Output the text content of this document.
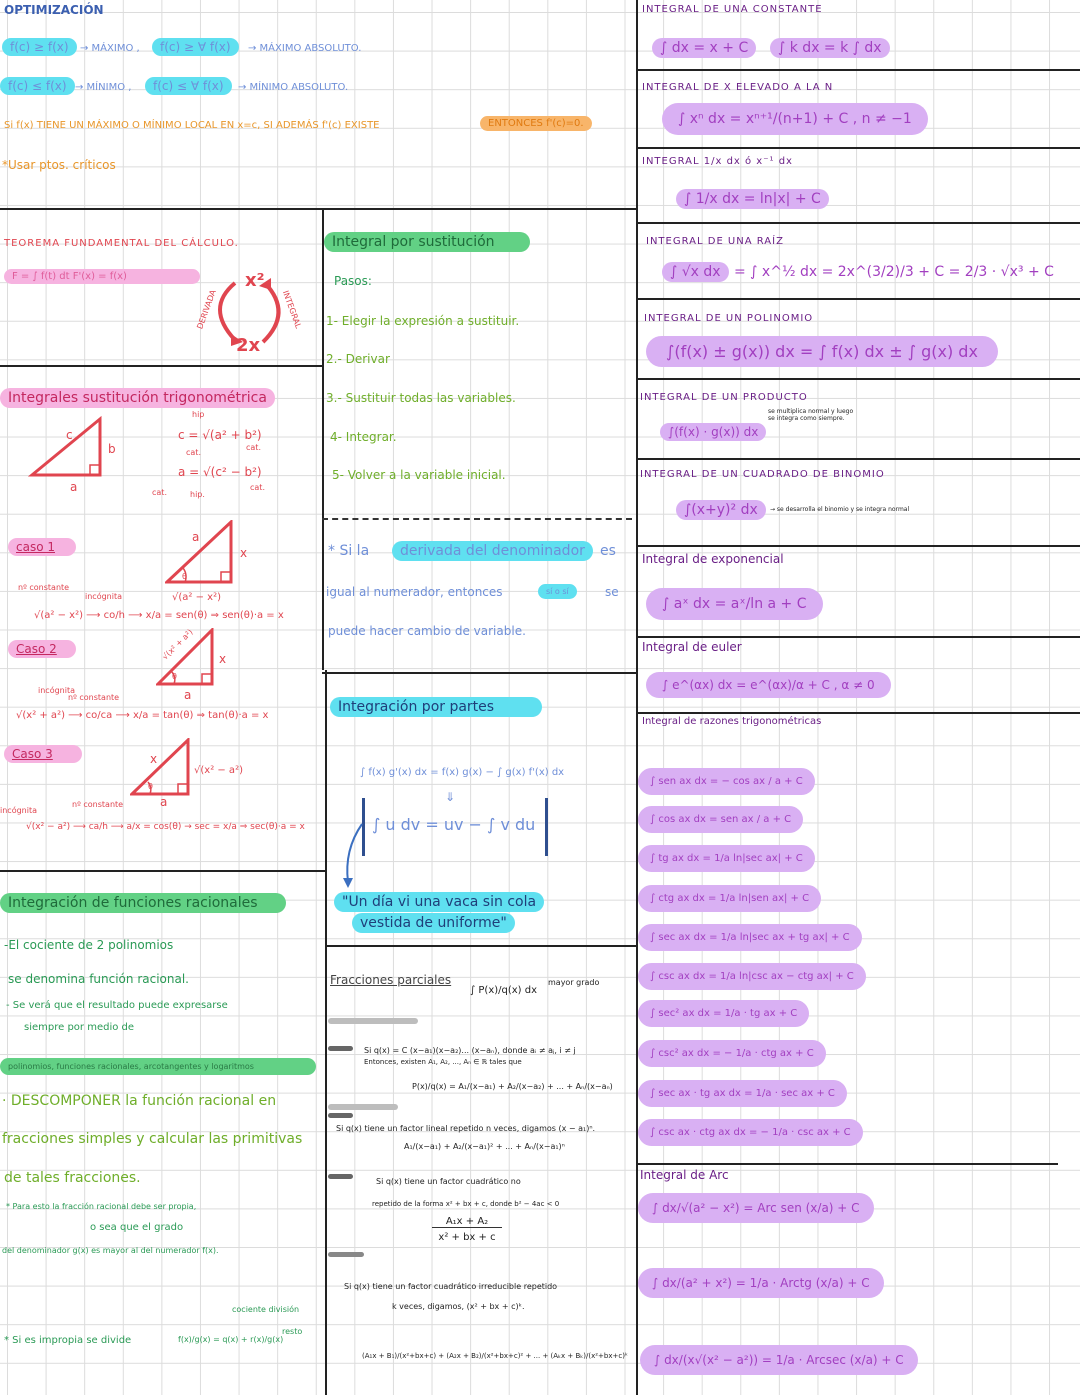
OPTIMIZACIÓN
f(c) ≥ f(x)	→ MÁXIMO ,	f(c) ≥ ∀ f(x)	→ MÁXIMO ABSOLUTO.
f(c) ≤ f(x) → MÍNIMO ,	f(c) ≤ ∀ f(x)	→ MÍNIMO ABSOLUTO.
Si f(x) TIENE UN MÁXIMO O MÍNIMO LOCAL EN x=c, SI ADEMÁS f'(c) EXISTE	ENTONCES f'(c)=0.
*Usar ptos. críticos
TEOREMA FUNDAMENTAL DEL CÁLCULO.
F = ∫ f(t) dt F'(x) = f(x)	x²
2x
DERIVADA	INTEGRAL
Integrales sustitución trigonométrica
c
b
a
c = √(a² + b²)
hip
cat.
cat.
a = √(c² − b²)
cat.	hip.
cat.
caso 1
a
x
θ
√(a² − x²)
nº constante
incógnita
√(a² − x²) ⟶ co/h ⟶ x/a = sen(θ) ⇒ sen(θ)·a = x
Caso 2	√(x² + a²) x
θ
a
incógnita
nº constante
√(x² + a²) ⟶ co/ca ⟶ x/a = tan(θ) ⇒ tan(θ)·a = x
Caso 3	x
√(x² − a²)
θ
a
incógnita
nº constante
√(x² − a²) ⟶ ca/h ⟶ a/x = cos(θ) → sec = x/a ⇒ sec(θ)·a = x
Integral por sustitución
Pasos:
1- Elegir la expresión a sustituir.
2.- Derivar
3.- Sustituir todas las variables.
4- Integrar.
5- Volver a la variable inicial.
* Si la	derivada del denominador	es
igual al numerador, entonces	sí o sí	se
puede hacer cambio de variable.
Integración por partes
∫ f(x) g'(x) dx = f(x) g(x) − ∫ g(x) f'(x) dx
⇓
∫ u dv = uv − ∫ v du
"Un día vi una vaca sin cola
vestida de uniforme"
Integración de funciones racionales
-El cociente de 2 polinomios
se denomina función racional.
- Se verá que el resultado puede expresarse
siempre por medio de
polinomios, funciones racionales, arcotangentes y logaritmos
· DESCOMPONER la función racional en
fracciones simples y calcular las primitivas
de tales fracciones.
* Para esto la fracción racional debe ser propia,
o sea que el grado
del denominador g(x) es mayor al del numerador f(x).
* Si es impropia se divide	f(x)/g(x) = q(x) + r(x)/g(x)
cociente división
resto
Fracciones parciales
∫ P(x)/q(x) dx
mayor grado
Si q(x) = C (x−a₁)(x−a₂)... (x−aₙ), donde aᵢ ≠ aⱼ, i ≠ j
Entonces, existen A₁, A₂, ..., Aₙ ∈ ℝ tales que
P(x)/q(x) = A₁/(x−a₁) + A₂/(x−a₂) + ... + Aₙ/(x−aₙ)
Si q(x) tiene un factor lineal repetido n veces, digamos (x − a₁)ⁿ.
A₁/(x−a₁) + A₂/(x−a₁)² + ... + Aₙ/(x−a₁)ⁿ
Si q(x) tiene un factor cuadrático no
repetido de la forma x² + bx + c, donde b² − 4ac < 0
A₁x + A₂
x² + bx + c
Si q(x) tiene un factor cuadrático irreducible repetido
k veces, digamos, (x² + bx + c)ᵏ.
(A₁x + B₁)/(x²+bx+c) + (A₂x + B₂)/(x²+bx+c)² + ... + (Aₖx + Bₖ)/(x²+bx+c)ᵏ
INTEGRAL DE UNA CONSTANTE
∫ dx = x + C	∫ k dx = k ∫ dx
INTEGRAL DE X ELEVADO A LA N
∫ xⁿ dx = xⁿ⁺¹/(n+1) + C , n ≠ −1
INTEGRAL 1/x dx ó x⁻¹ dx
∫ 1/x dx = ln|x| + C
INTEGRAL DE UNA RAÍZ
∫ √x dx = ∫ x^½ dx = 2x^(3/2)/3 + C = 2/3 · √x³ + C
INTEGRAL DE UN POLINOMIO
∫(f(x) ± g(x)) dx = ∫ f(x) dx ± ∫ g(x) dx
INTEGRAL DE UN PRODUCTO
∫(f(x) · g(x)) dx
se multiplica normal y luego se integra como siempre.
INTEGRAL DE UN CUADRADO DE BINOMIO
∫(x+y)² dx	→ se desarrolla el binomio y se integra normal
Integral de exponencial
∫ aˣ dx = aˣ/ln a + C
Integral de euler
∫ e^(αx) dx = e^(αx)/α + C , α ≠ 0
Integral de razones trigonométricas
∫ sen ax dx = − cos ax / a + C
∫ cos ax dx = sen ax / a + C
∫ tg ax dx = 1/a ln|sec ax| + C
∫ ctg ax dx = 1/a ln|sen ax| + C
∫ sec ax dx = 1/a ln|sec ax + tg ax| + C
∫ csc ax dx = 1/a ln|csc ax − ctg ax| + C
∫ sec² ax dx = 1/a · tg ax + C
∫ csc² ax dx = − 1/a · ctg ax + C
∫ sec ax · tg ax dx = 1/a · sec ax + C
∫ csc ax · ctg ax dx = − 1/a · csc ax + C
Integral de Arc
∫ dx/√(a² − x²) = Arc sen (x/a) + C
∫ dx/(a² + x²) = 1/a · Arctg (x/a) + C
∫ dx/(x√(x² − a²)) = 1/a · Arcsec (x/a) + C
